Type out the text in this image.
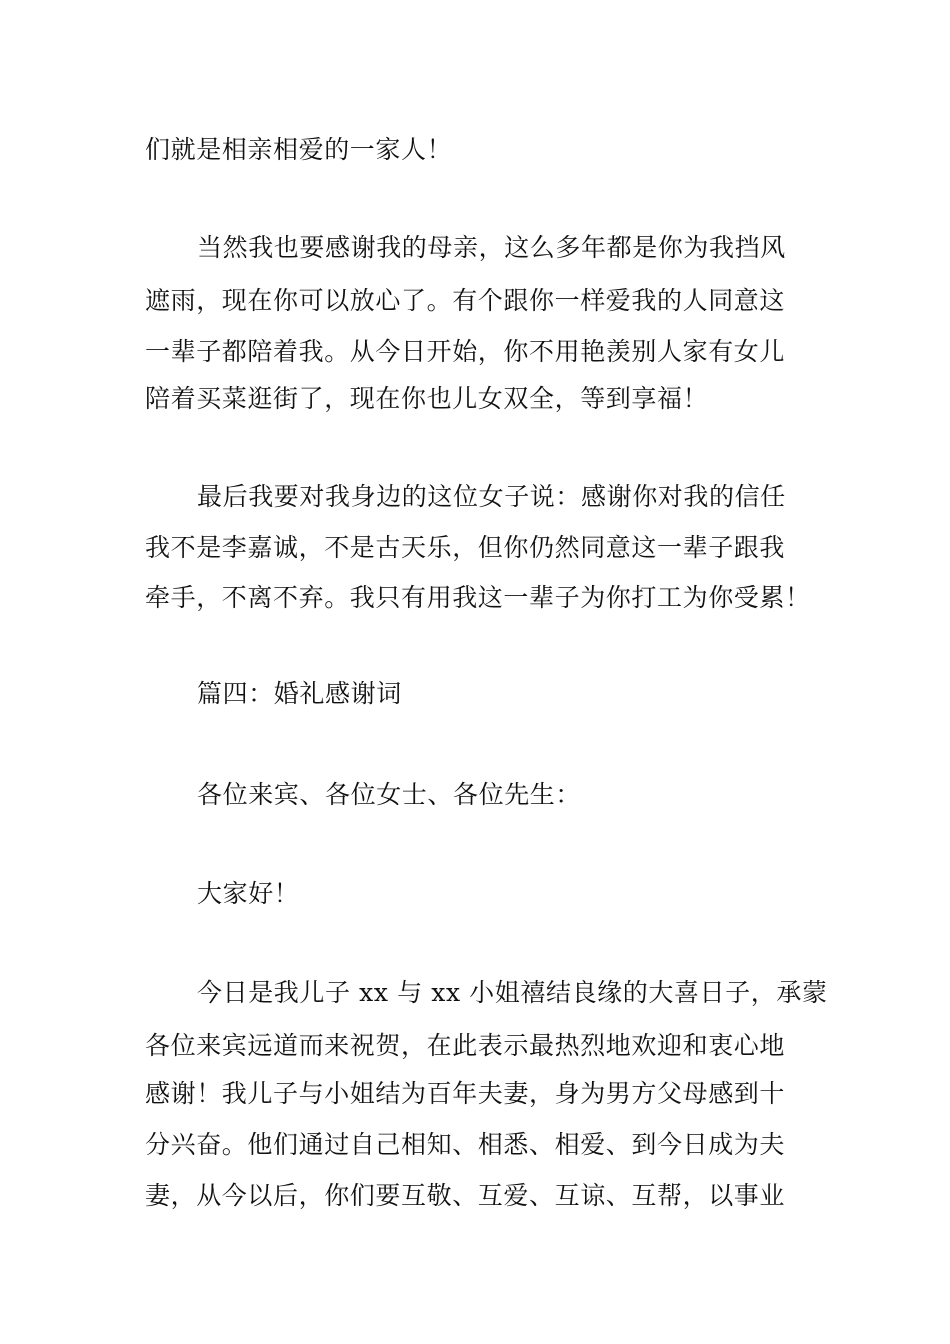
们就是相亲相爱的一家人！
当然我也要感谢我的母亲，这么多年都是你为我挡风
遮雨，现在你可以放心了。有个跟你一样爱我的人同意这
一辈子都陪着我。从今日开始，你不用艳羡别人家有女儿
陪着买菜逛街了，现在你也儿女双全，等到享福！
最后我要对我身边的这位女子说：感谢你对我的信任
我不是李嘉诚，不是古天乐，但你仍然同意这一辈子跟我
牵手，不离不弃。我只有用我这一辈子为你打工为你受累！
篇四：婚礼感谢词
各位来宾、各位女士、各位先生：
大家好！
今日是我儿子 xx 与 xx 小姐禧结良缘的大喜日子，承蒙
各位来宾远道而来祝贺，在此表示最热烈地欢迎和衷心地
感谢！我儿子与小姐结为百年夫妻，身为男方父母感到十
分兴奋。他们通过自己相知、相悉、相爱、到今日成为夫
妻，从今以后，你们要互敬、互爱、互谅、互帮，以事业
